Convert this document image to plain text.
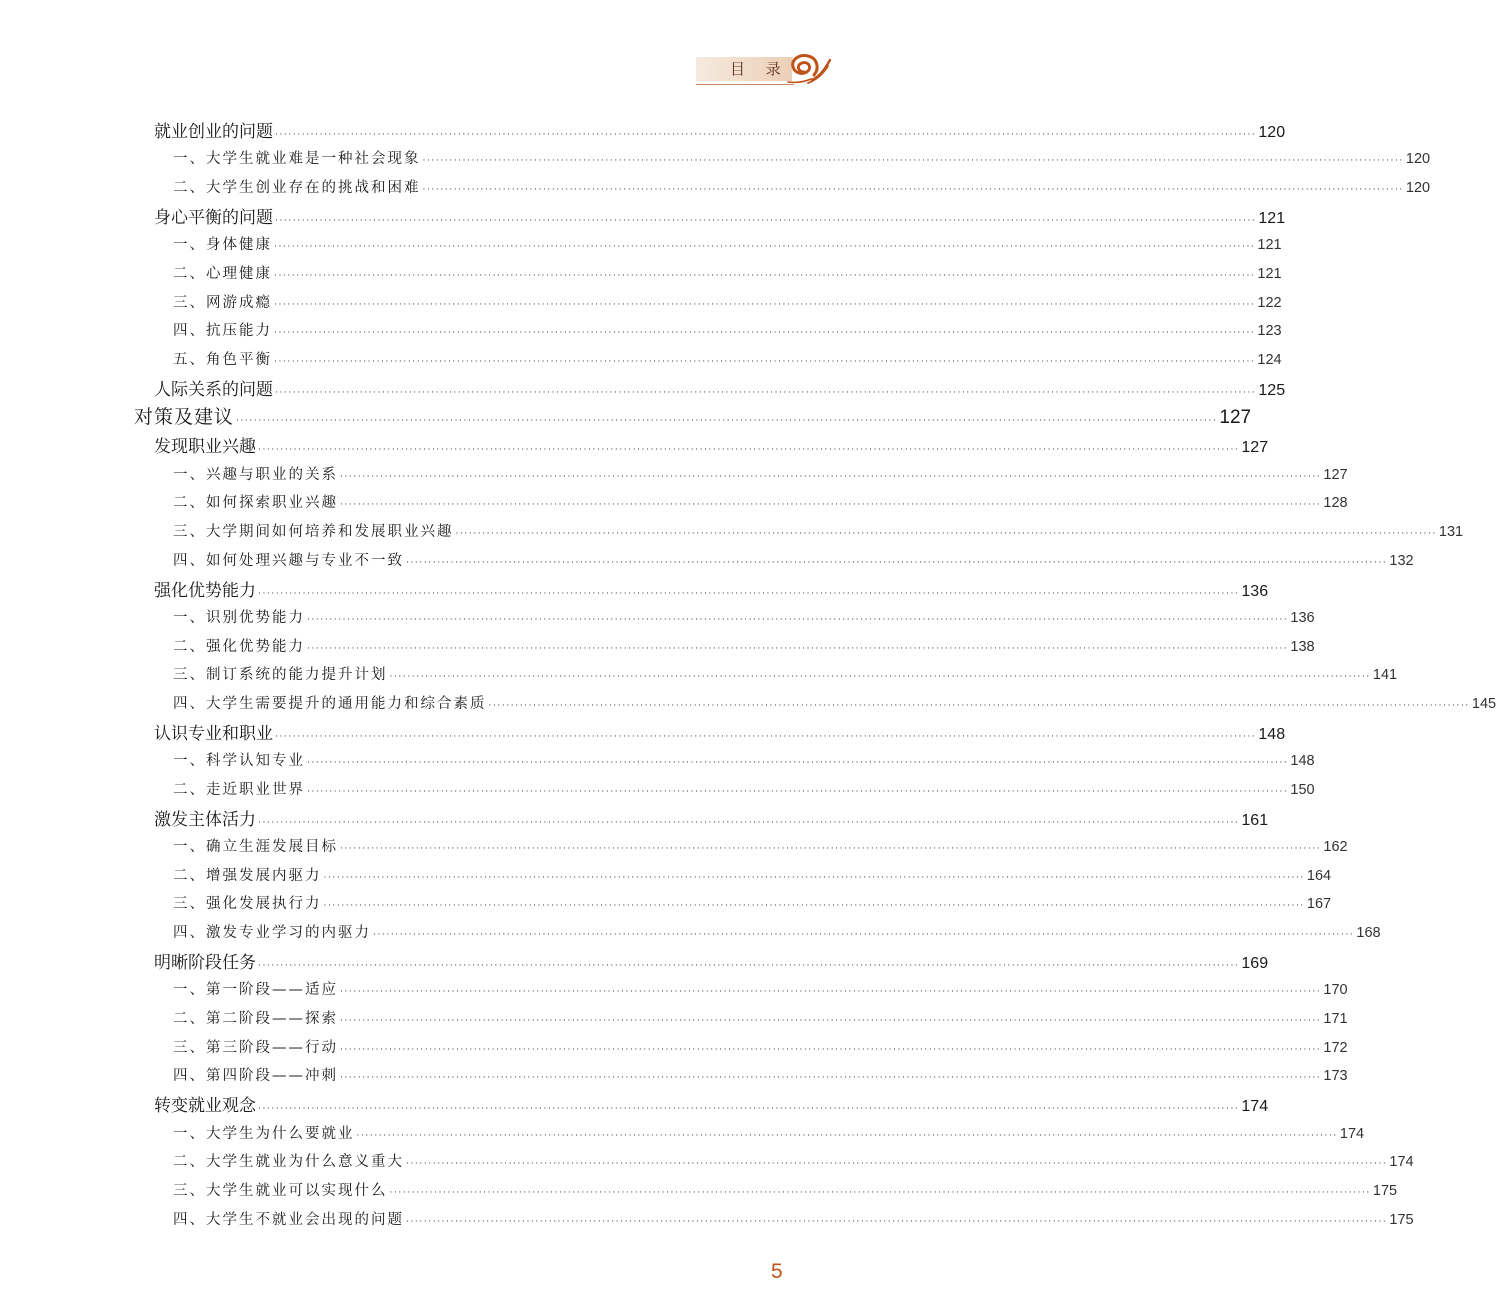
目 录
就业创业的问题 ···························································································································································································································· 120
一、大学生就业难是一种社会现象 ···························································································································································································································· 120
二、大学生创业存在的挑战和困难 ···························································································································································································································· 120
身心平衡的问题 ···························································································································································································································· 121
一、身体健康 ···························································································································································································································· 121
二、心理健康 ···························································································································································································································· 121
三、网游成瘾 ···························································································································································································································· 122
四、抗压能力 ···························································································································································································································· 123
五、角色平衡 ···························································································································································································································· 124
人际关系的问题 ···························································································································································································································· 125
对策及建议 ···························································································································································································································· 127
发现职业兴趣 ···························································································································································································································· 127
一、兴趣与职业的关系 ···························································································································································································································· 127
二、如何探索职业兴趣 ···························································································································································································································· 128
三、大学期间如何培养和发展职业兴趣 ···························································································································································································································· 131
四、如何处理兴趣与专业不一致 ···························································································································································································································· 132
强化优势能力 ···························································································································································································································· 136
一、识别优势能力 ···························································································································································································································· 136
二、强化优势能力 ···························································································································································································································· 138
三、制订系统的能力提升计划 ···························································································································································································································· 141
四、大学生需要提升的通用能力和综合素质 ···························································································································································································································· 145
认识专业和职业 ···························································································································································································································· 148
一、科学认知专业 ···························································································································································································································· 148
二、走近职业世界 ···························································································································································································································· 150
激发主体活力 ···························································································································································································································· 161
一、确立生涯发展目标 ···························································································································································································································· 162
二、增强发展内驱力 ···························································································································································································································· 164
三、强化发展执行力 ···························································································································································································································· 167
四、激发专业学习的内驱力 ···························································································································································································································· 168
明晰阶段任务 ···························································································································································································································· 169
一、第一阶段——适应 ···························································································································································································································· 170
二、第二阶段——探索 ···························································································································································································································· 171
三、第三阶段——行动 ···························································································································································································································· 172
四、第四阶段——冲刺 ···························································································································································································································· 173
转变就业观念 ···························································································································································································································· 174
一、大学生为什么要就业 ···························································································································································································································· 174
二、大学生就业为什么意义重大 ···························································································································································································································· 174
三、大学生就业可以实现什么 ···························································································································································································································· 175
四、大学生不就业会出现的问题 ···························································································································································································································· 175
5
